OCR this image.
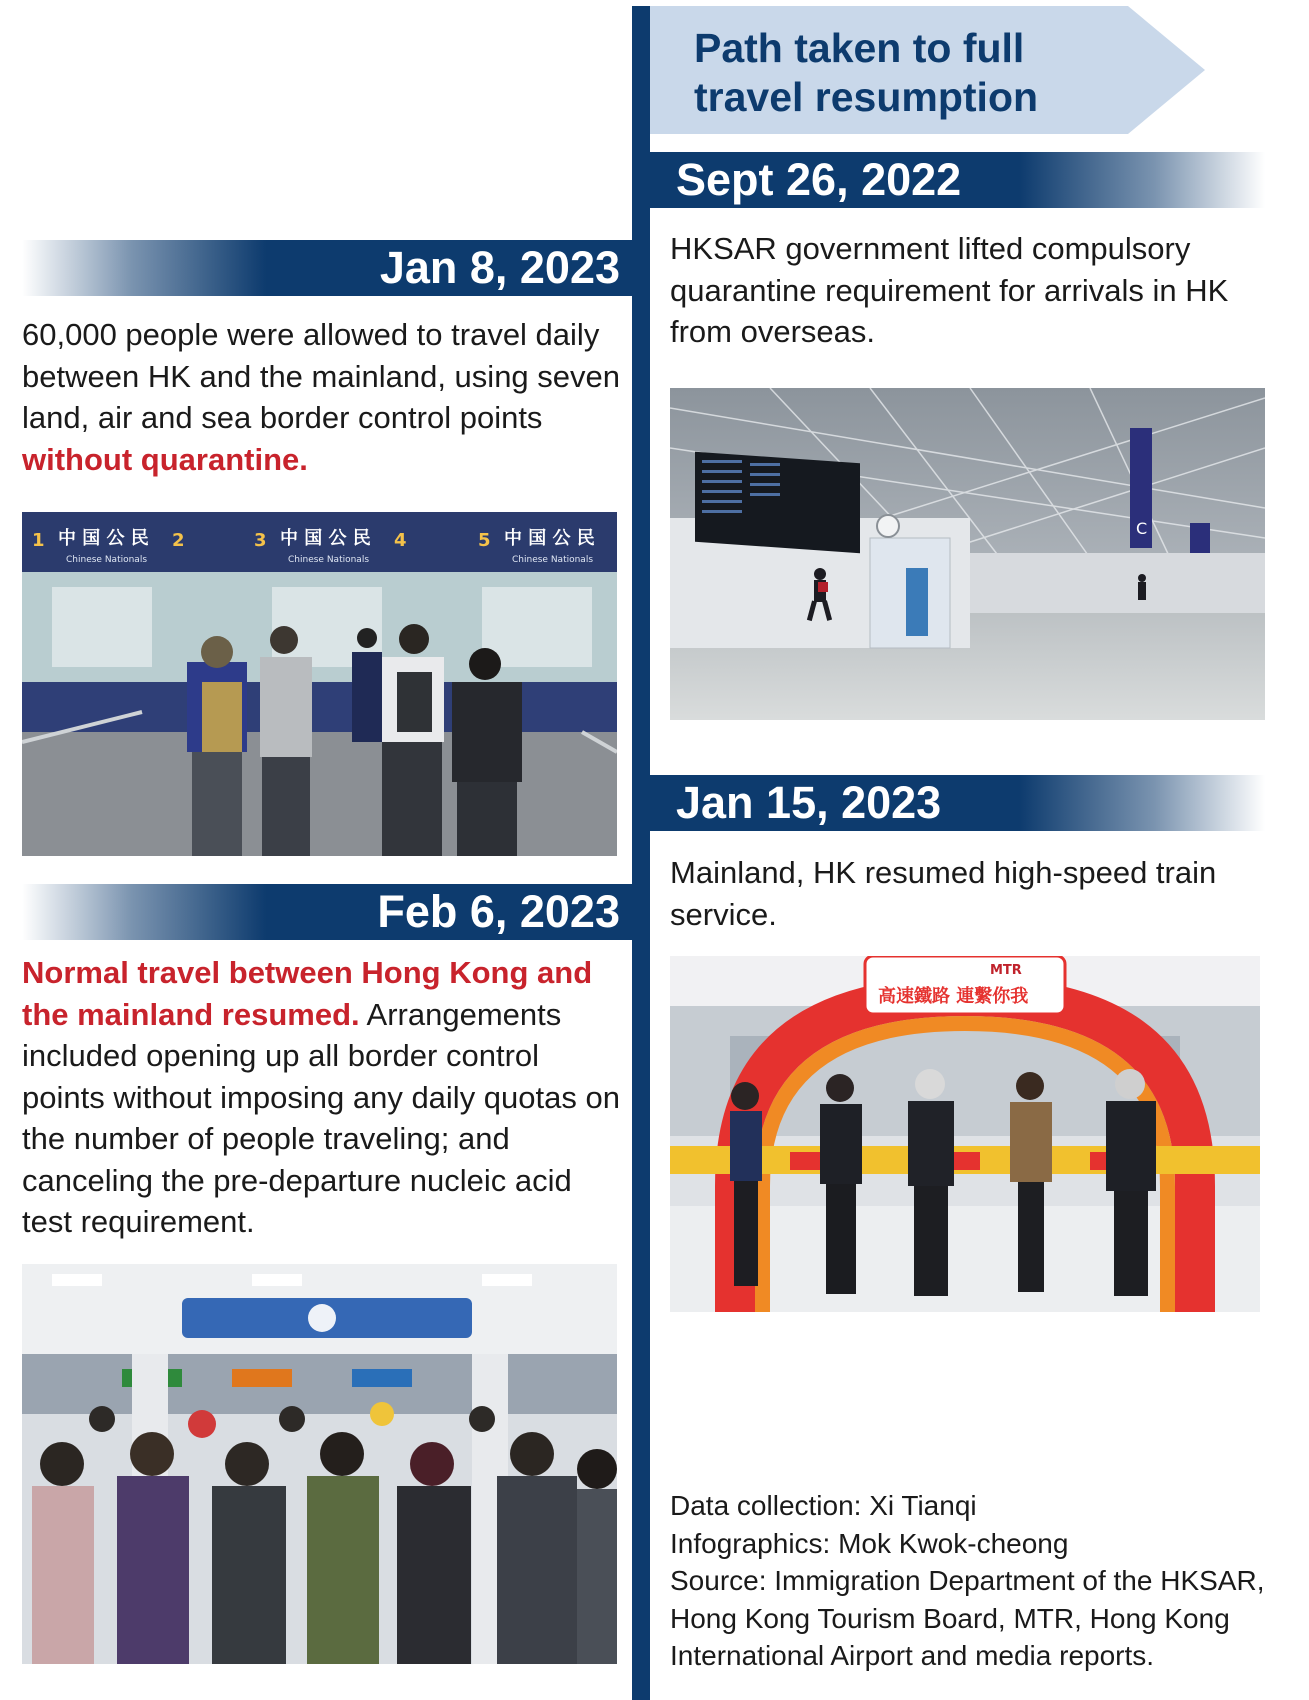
Path taken to full travel resumption
Sept 26, 2022
HKSAR government lifted compulsory quarantine requirement for arrivals in HK from overseas.
C
Jan 8, 2023
60,000 people were allowed to travel daily between HK and the mainland, using seven land, air and sea border control points without quarantine.
1 中 国 公 民 2	3 中 国 公 民 4	5 中 国 公 民
Chinese Nationals	Chinese Nationals	Chinese Nationals
Jan 15, 2023
Mainland, HK resumed high-speed train service.
高速鐵路 連繫你我
MTR
Feb 6, 2023
Normal travel between Hong Kong and the mainland resumed. Arrangements included opening up all border control points without imposing any daily quotas on the number of people traveling; and canceling the pre-departure nucleic acid test requirement.
Data collection: Xi Tianqi
Infographics: Mok Kwok-cheong
Source: Immigration Department of the HKSAR, Hong Kong Tourism Board, MTR, Hong Kong International Airport and media reports.
